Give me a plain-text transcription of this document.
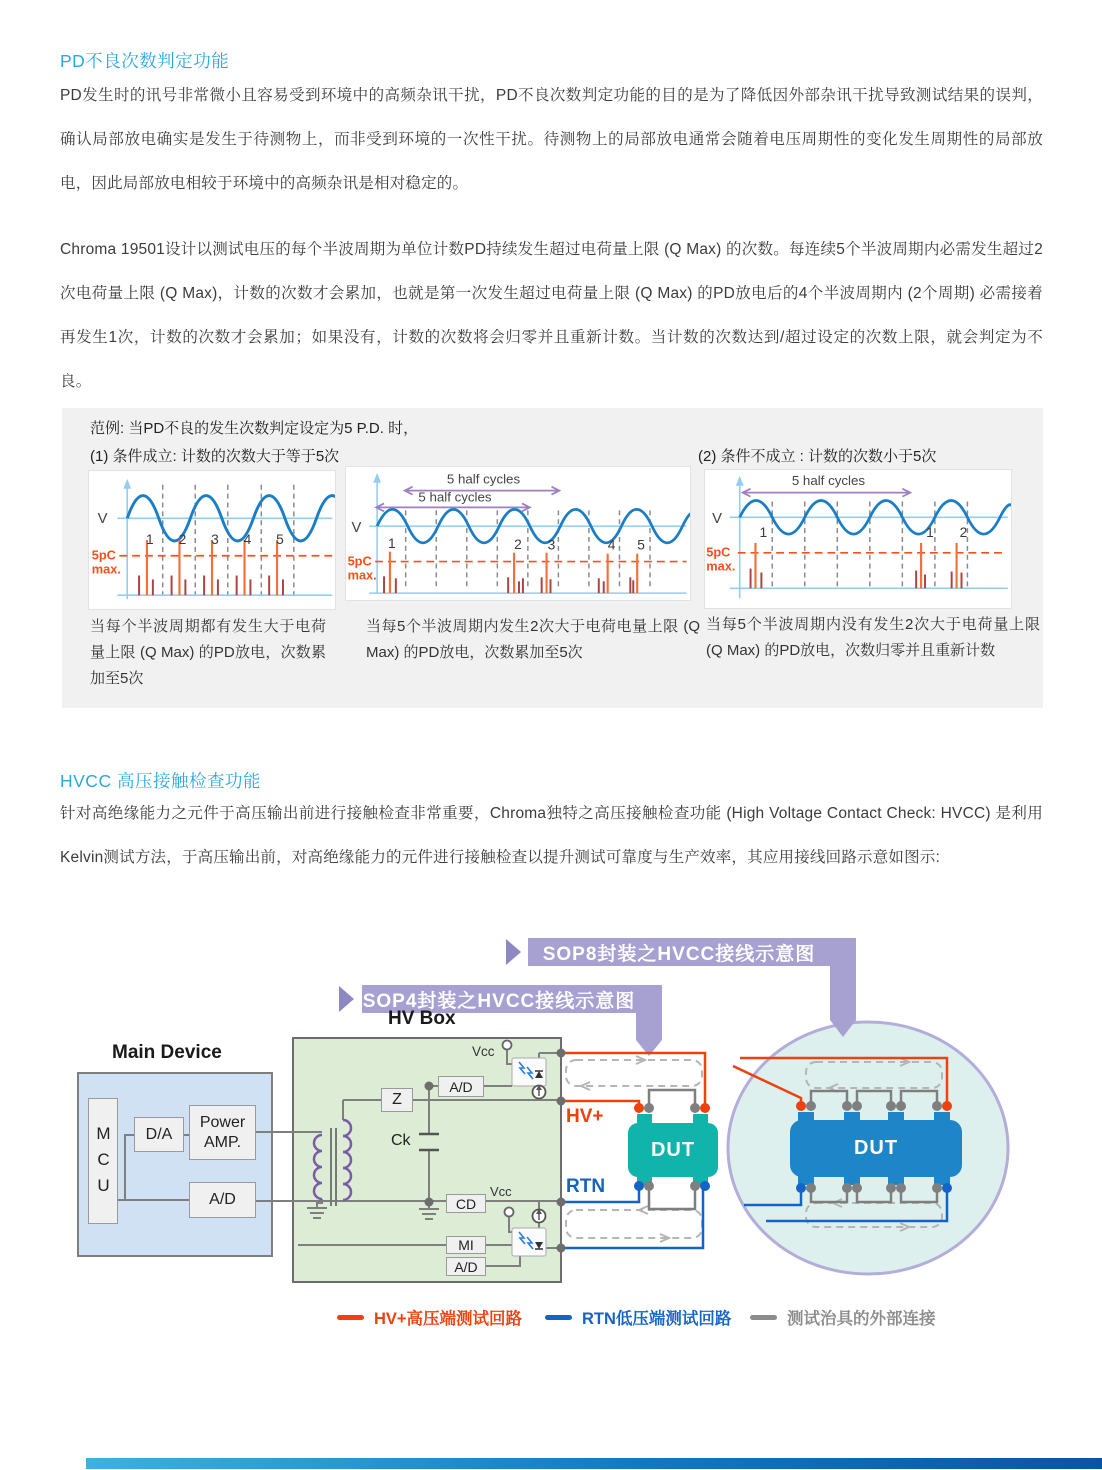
PD不良次数判定功能
PD发生时的讯号非常微小且容易受到环境中的高频杂讯干扰，PD不良次数判定功能的目的是为了降低因外部杂讯干扰导致测试结果的误判，确认局部放电确实是发生于待测物上，而非受到环境的一次性干扰。待测物上的局部放电通常会随着电压周期性的变化发生周期性的局部放电，因此局部放电相较于环境中的高频杂讯是相对稳定的。
Chroma 19501设计以测试电压的每个半波周期为单位计数PD持续发生超过电荷量上限 (Q Max) 的次数。每连续5个半波周期内必需发生超过2次电荷量上限 (Q Max)，计数的次数才会累加，也就是第一次发生超过电荷量上限 (Q Max) 的PD放电后的4个半波周期内 (2个周期) 必需接着再发生1次，计数的次数才会累加；如果没有，计数的次数将会归零并且重新计数。当计数的次数达到/超过设定的次数上限，就会判定为不良。
范例: 当PD不良的发生次数判定设定为5 P.D. 时，
(1) 条件成立: 计数的次数大于等于5次	(2) 条件不成立 : 计数的次数小于5次
1 2 3 4 5
V
5pC
max.
5 half cycles
5 half cycles
1	2 3	4 5
V
5pC
max.
5 half cycles
1	1 2
V
5pC
max.
当每个半波周期都有发生大于电荷量上限 (Q Max) 的PD放电，次数累加至5次
当每5个半波周期内发生2次大于电荷电量上限 (Q Max) 的PD放电，次数累加至5次
当每5个半波周期内没有发生2次大于电荷量上限 (Q Max) 的PD放电，次数归零并且重新计数
HVCC 高压接触检查功能
针对高绝缘能力之元件于高压输出前进行接触检查非常重要，Chroma独特之高压接触检查功能 (High Voltage Contact Check: HVCC) 是利用Kelvin测试方法，于高压输出前，对高绝缘能力的元件进行接触检查以提升测试可靠度与生产效率，其应用接线回路示意如图示:
SOP8封装之HVCC接线示意图
SOP4封装之HVCC接线示意图
HV Box
Main Device
MCU	D/A
Power AMP.
A/D
Z
A/D
Vcc
Ck
CD
Vcc
MI
A/D
HV+
RTN
DUT	DUT
HV+高压端测试回路	RTN低压端测试回路	测试治具的外部连接
